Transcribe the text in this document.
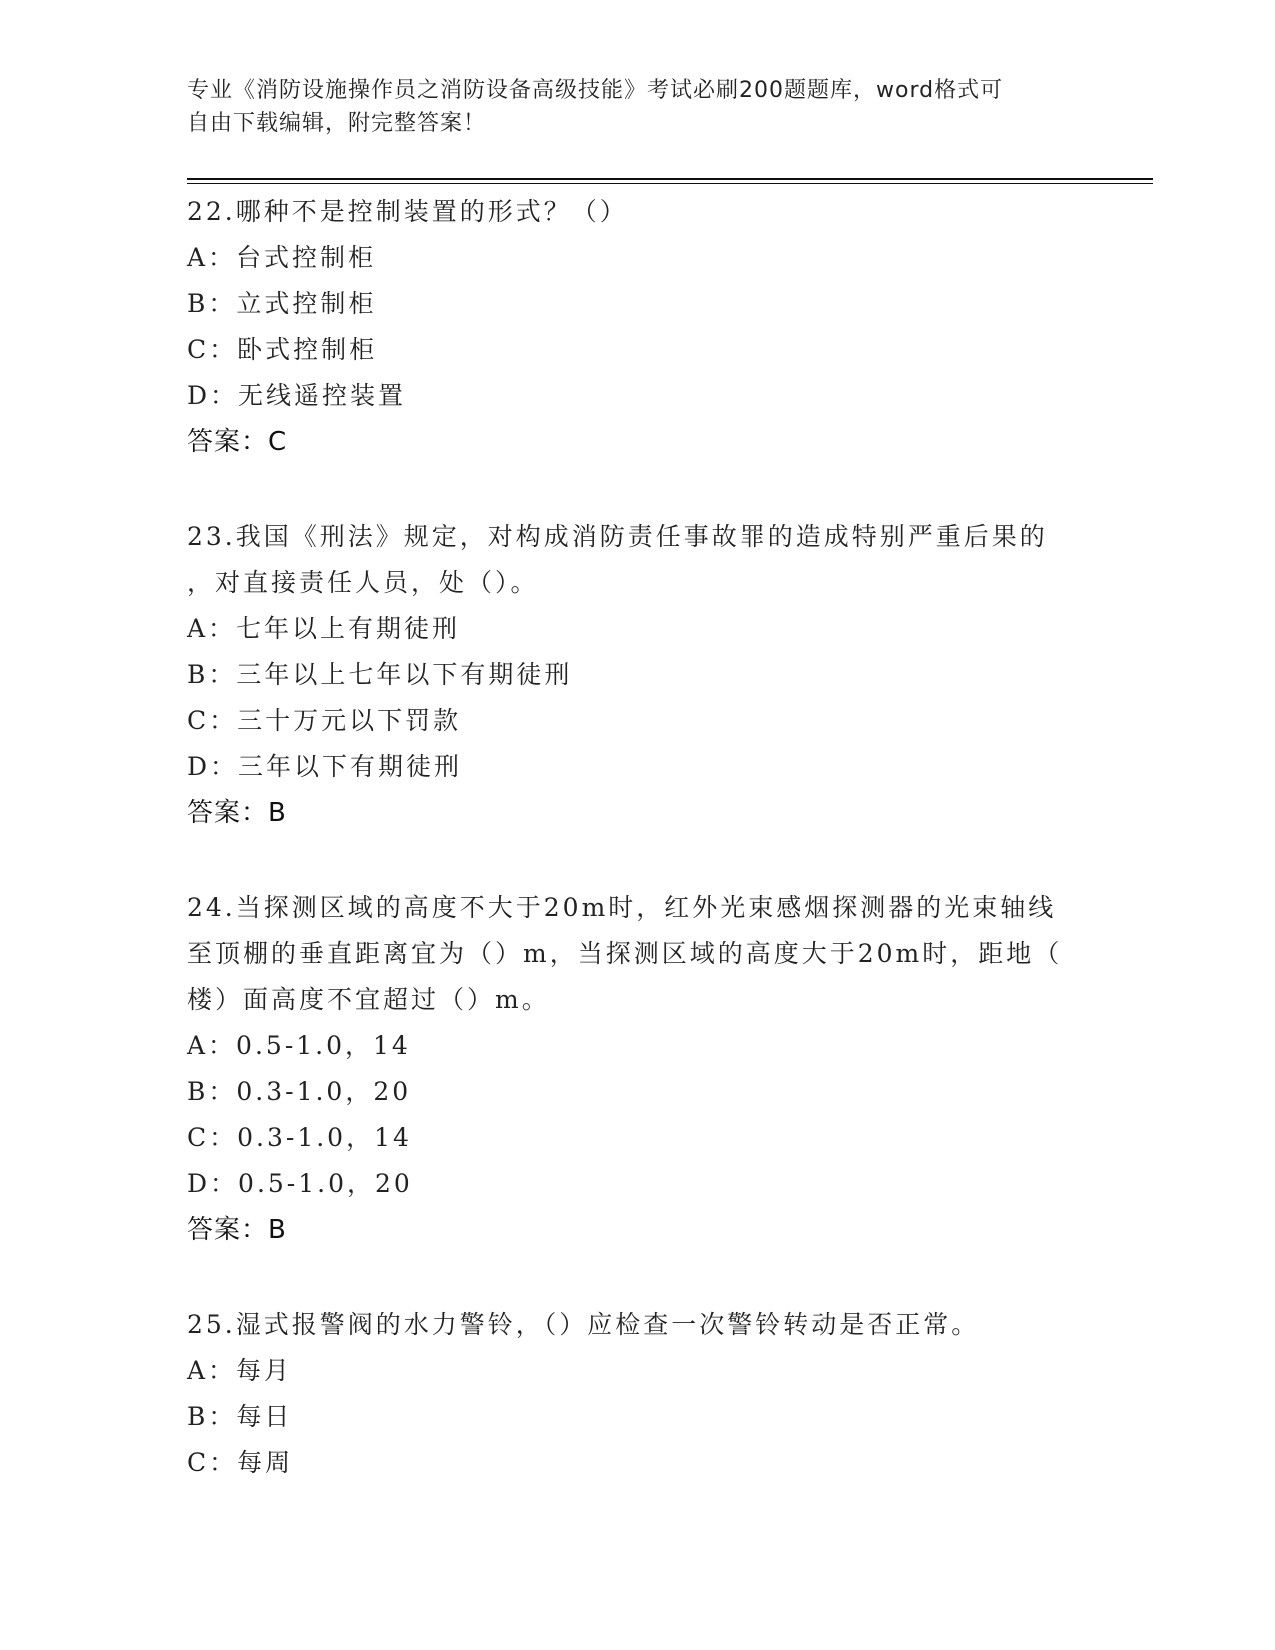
专业《消防设施操作员之消防设备高级技能》考试必刷200题题库，word格式可
自由下载编辑，附完整答案！
22.哪种不是控制装置的形式？（）
A：台式控制柜
B：立式控制柜
C：卧式控制柜
D：无线遥控装置
答案：C
23.我国《刑法》规定，对构成消防责任事故罪的造成特别严重后果的
，对直接责任人员，处（）。
A：七年以上有期徒刑
B：三年以上七年以下有期徒刑
C：三十万元以下罚款
D：三年以下有期徒刑
答案：B
24.当探测区域的高度不大于20m时，红外光束感烟探测器的光束轴线
至顶棚的垂直距离宜为（）m，当探测区域的高度大于20m时，距地（
楼）面高度不宜超过（）m。
A：0.5-1.0，14
B：0.3-1.0，20
C：0.3-1.0，14
D：0.5-1.0，20
答案：B
25.湿式报警阀的水力警铃，（）应检查一次警铃转动是否正常。
A：每月
B：每日
C：每周
